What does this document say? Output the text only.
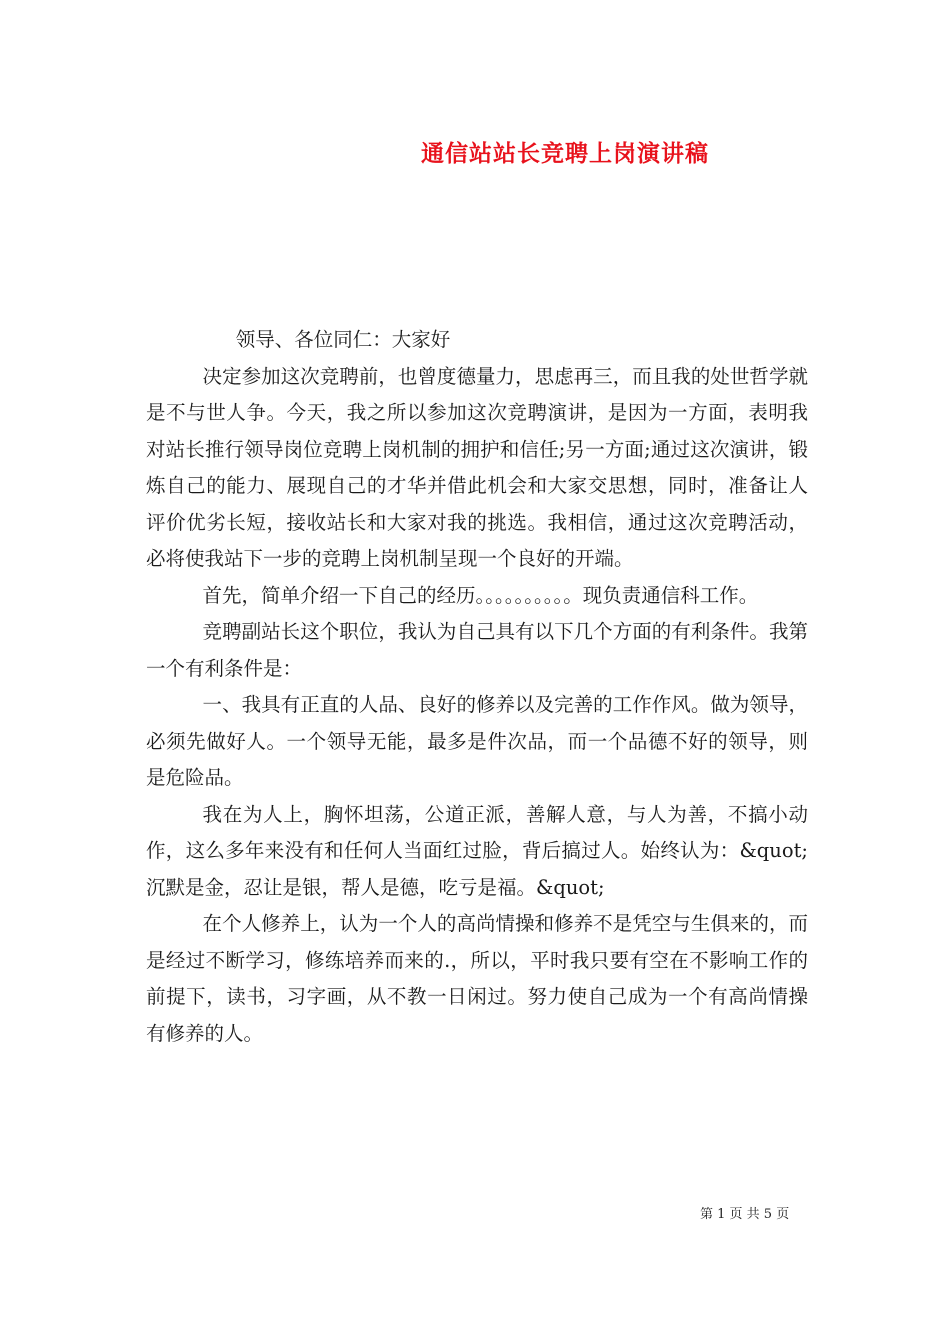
通信站站长竞聘上岗演讲稿

领导、各位同仁：大家好

决定参加这次竞聘前，也曾度德量力，思虑再三，而且我的处世哲学就是不与世人争。今天，我之所以参加这次竞聘演讲，是因为一方面，表明我对站长推行领导岗位竞聘上岗机制的拥护和信任;另一方面;通过这次演讲，锻炼自己的能力、展现自己的才华并借此机会和大家交思想，同时，准备让人评价优劣长短，接收站长和大家对我的挑选。我相信，通过这次竞聘活动，必将使我站下一步的竞聘上岗机制呈现一个良好的开端。

首先，简单介绍一下自己的经历。。。。。。。。。。现负责通信科工作。

竞聘副站长这个职位，我认为自己具有以下几个方面的有利条件。我第一个有利条件是：

一、我具有正直的人品、良好的修养以及完善的工作作风。做为领导，必须先做好人。一个领导无能，最多是件次品，而一个品德不好的领导，则是危险品。

我在为人上，胸怀坦荡，公道正派，善解人意，与人为善，不搞小动作，这么多年来没有和任何人当面红过脸，背后搞过人。始终认为：&quot;沉默是金，忍让是银，帮人是德，吃亏是福。&quot;

在个人修养上，认为一个人的高尚情操和修养不是凭空与生俱来的，而是经过不断学习，修练培养而来的.，所以，平时我只要有空在不影响工作的前提下，读书，习字画，从不教一日闲过。努力使自己成为一个有高尚情操有修养的人。

第 1 页 共 5 页
